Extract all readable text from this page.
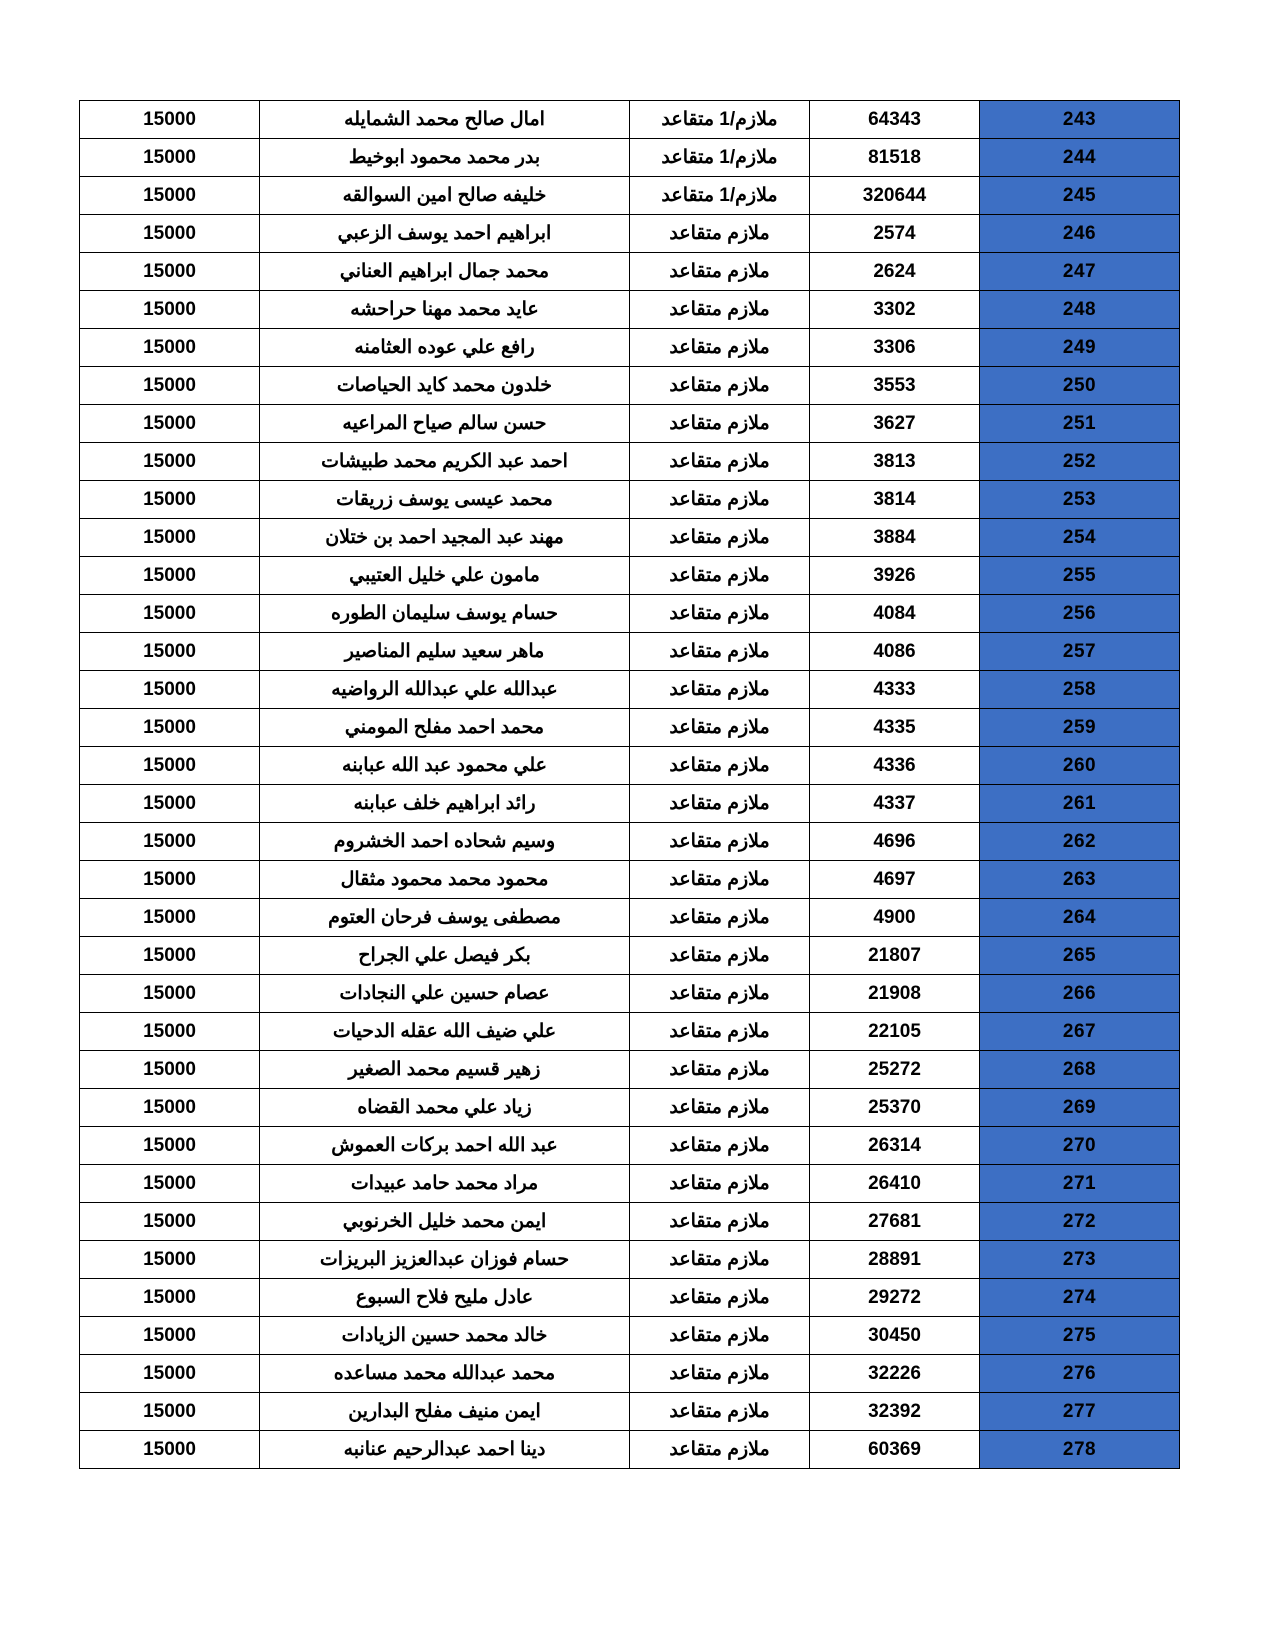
243	64343	ملازم/1 متقاعد	امال صالح محمد الشمايله	15000
244	81518	ملازم/1 متقاعد	بدر محمد محمود ابوخيط	15000
245	320644	ملازم/1 متقاعد	خليفه صالح امين السوالقه	15000
246	2574	ملازم متقاعد	ابراهيم احمد يوسف الزعبي	15000
247	2624	ملازم متقاعد	محمد جمال ابراهيم العناني	15000
248	3302	ملازم متقاعد	عايد محمد مهنا حراحشه	15000
249	3306	ملازم متقاعد	رافع علي عوده العثامنه	15000
250	3553	ملازم متقاعد	خلدون محمد كايد الحياصات	15000
251	3627	ملازم متقاعد	حسن سالم صياح المراعيه	15000
252	3813	ملازم متقاعد	احمد عبد الكريم محمد طبيشات	15000
253	3814	ملازم متقاعد	محمد عيسى يوسف زريقات	15000
254	3884	ملازم متقاعد	مهند عبد المجيد احمد بن ختلان	15000
255	3926	ملازم متقاعد	مامون علي خليل العتيبي	15000
256	4084	ملازم متقاعد	حسام يوسف سليمان الطوره	15000
257	4086	ملازم متقاعد	ماهر سعيد سليم المناصير	15000
258	4333	ملازم متقاعد	عبدالله علي عبدالله الرواضيه	15000
259	4335	ملازم متقاعد	محمد احمد مفلح المومني	15000
260	4336	ملازم متقاعد	علي محمود عبد الله عبابنه	15000
261	4337	ملازم متقاعد	رائد ابراهيم خلف عبابنه	15000
262	4696	ملازم متقاعد	وسيم شحاده احمد الخشروم	15000
263	4697	ملازم متقاعد	محمود محمد محمود مثقال	15000
264	4900	ملازم متقاعد	مصطفى يوسف فرحان العتوم	15000
265	21807	ملازم متقاعد	بكر فيصل علي الجراح	15000
266	21908	ملازم متقاعد	عصام حسين علي النجادات	15000
267	22105	ملازم متقاعد	علي ضيف الله عقله الدحيات	15000
268	25272	ملازم متقاعد	زهير قسيم محمد الصغير	15000
269	25370	ملازم متقاعد	زياد علي محمد القضاه	15000
270	26314	ملازم متقاعد	عبد الله احمد بركات العموش	15000
271	26410	ملازم متقاعد	مراد محمد حامد عبيدات	15000
272	27681	ملازم متقاعد	ايمن محمد خليل الخرنوبي	15000
273	28891	ملازم متقاعد	حسام فوزان عبدالعزيز البريزات	15000
274	29272	ملازم متقاعد	عادل مليح فلاح السبوع	15000
275	30450	ملازم متقاعد	خالد محمد حسين الزيادات	15000
276	32226	ملازم متقاعد	محمد عبدالله محمد مساعده	15000
277	32392	ملازم متقاعد	ايمن منيف مفلح البدارين	15000
278	60369	ملازم متقاعد	دينا احمد عبدالرحيم عنانبه	15000
